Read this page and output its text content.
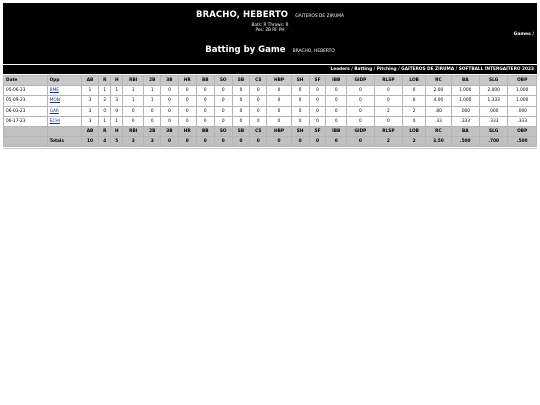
BRACHO, HEBERTO GAITEROS DE ZIRUMA
Bats: R Throws: R
Pos: 2B RF PH
Games /
Batting by Game BRACHO, HEBERTO
Leaders / Batting / Pitching / GAITEROS DE ZIRUMA / SOFTBALL INTERGAITERO 2023
Date	Opp	AB	R	H	RBI	2B	3B	HR	BB	SO	SB	CS	HBP	SH	SF	IBB	GIDP	RLSP	LOB	RC	BA	SLG	OBP
05-06-23	BME	1	1	1	1	1	0	0	0	0	0	0	0	0	0	0	0	0	0	2.00	1.000	2.000	1.000
05-09-23	MON	3	2	3	1	1	0	0	0	0	0	0	0	0	0	0	0	0	0	4.00	1.000	1.333	1.000
06-03-23	GAR	3	0	0	0	0	0	0	0	0	0	0	0	0	0	0	0	2	2	.80	.000	.000	.000
06-17-23	ECHI	3	1	1	0	0	0	0	0	0	0	0	0	0	0	0	0	0	0	.33	.333	.333	.333
		AB	R	H	RBI	2B	3B	HR	BB	SO	SB	CS	HBP	SH	SF	IBB	GIDP	RLSP	LOB	RC	BA	SLG	OBP
	Totals	10	4	5	3	3	0	0	0	0	0	0	0	0	0	0	0	2	2	3.50	.500	.700	.500
